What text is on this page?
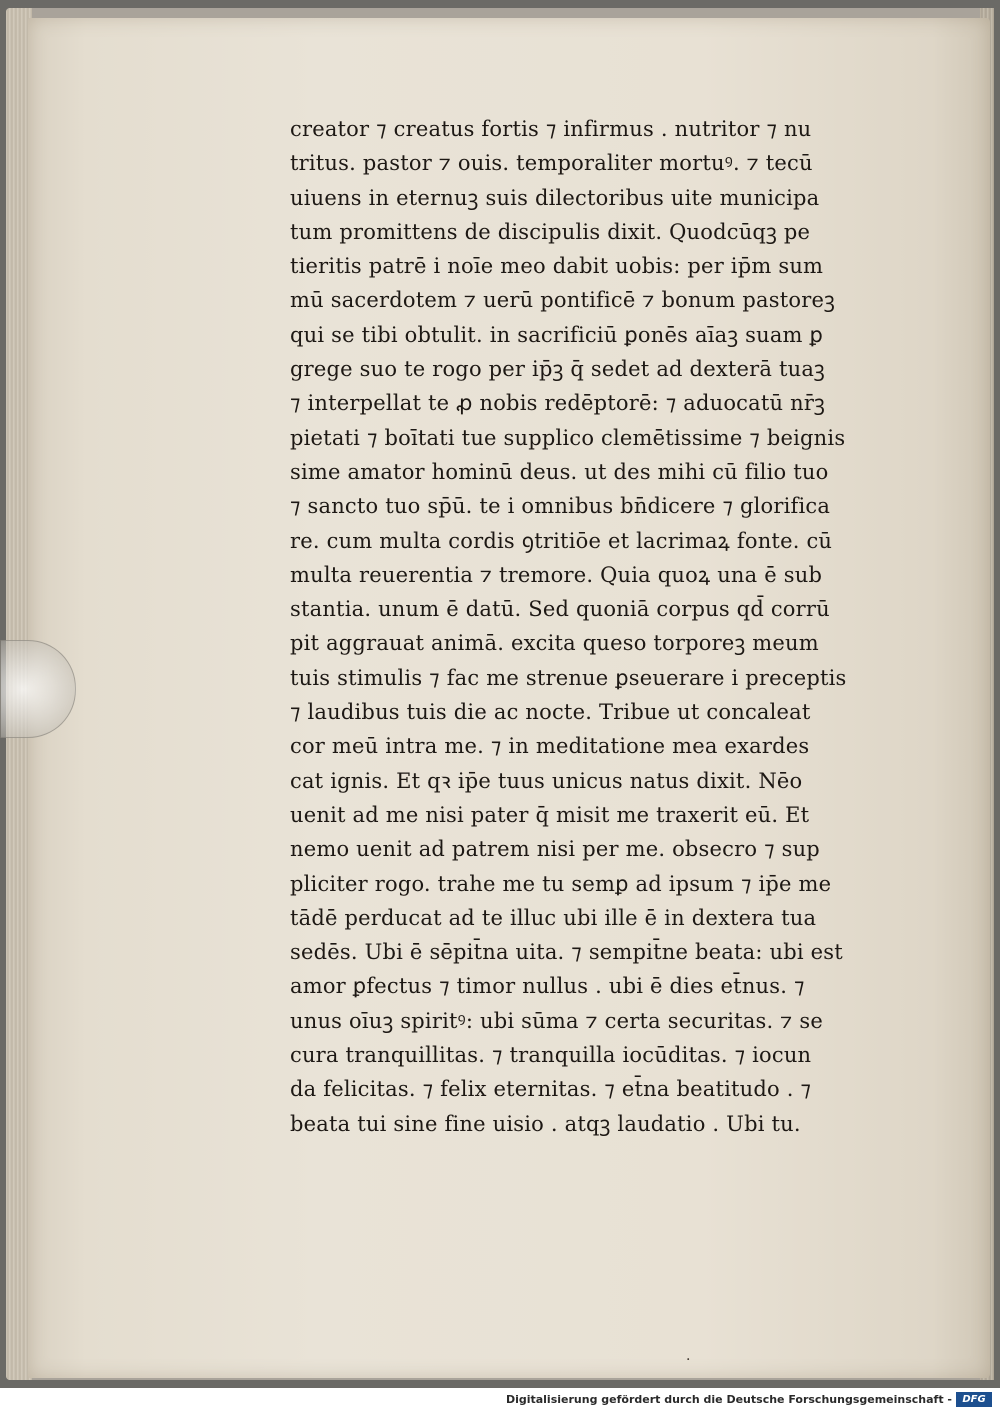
creator ⁊ creatus fortis ⁊ infirmus . nutritor ⁊ nu
tritus. pastor ⁊ ouis. temporaliter mortuꝰ. ⁊ tecū
uiuens in eternuꝫ suis dilectoribus uite municipa
tum promittens de discipulis dixit. Quodcūqꝫ pe
tieritis patrē i noīe meo dabit uobis: per ip̄m sum
mū sacerdotem ⁊ uerū pontificē ⁊ bonum pastoreꝫ
qui se tibi obtulit. in sacrificiū ꝑonēs aīaꝫ suam ꝑ
grege suo te rogo per ip̄ꝫ q̄ sedet ad dexterā tuaꝫ
⁊ interpellat te ꝓ nobis redēptorē: ⁊ aduocatū nr̄ꝫ
pietati ⁊ boītati tue supplico clemētissime ⁊ beignis
sime amator hominū deus. ut des mihi cū filio tuo
⁊ sancto tuo sp̄ū. te i omnibus bn̄dicere ⁊ glorifica
re. cum multa cordis ꝯtritiōe et lacrimaꝝ fonte. cū
multa reuerentia ⁊ tremore. Quia quoꝝ una ē sub
stantia. unum ē datū. Sed quoniā corpus qd̄ corrū
pit aggrauat animā. excita queso torporeꝫ meum
tuis stimulis ⁊ fac me strenue ꝑseuerare i preceptis
⁊ laudibus tuis die ac nocte. Tribue ut concaleat
cor meū intra me. ⁊ in meditatione mea exardes
cat ignis. Et qꝛ ip̄e tuus unicus natus dixit. Nēo
uenit ad me nisi pater q̄ misit me traxerit eū. Et
nemo uenit ad patrem nisi per me. obsecro ⁊ sup
pliciter rogo. trahe me tu semꝑ ad ipsum ⁊ ip̄e me
tādē perducat ad te illuc ubi ille ē in dextera tua
sedēs. Ubi ē sēpit̄na uita. ⁊ sempit̄ne beata: ubi est
amor ꝑfectus ⁊ timor nullus . ubi ē dies et̄nus. ⁊
unus oīuꝫ spiritꝰ: ubi sūma ⁊ certa securitas. ⁊ se
cura tranquillitas. ⁊ tranquilla iocūditas. ⁊ iocun
da felicitas. ⁊ felix eternitas. ⁊ et̄na beatitudo . ⁊
beata tui sine fine uisio . atqꝫ laudatio . Ubi tu.
·
Digitalisierung gefördert durch die Deutsche Forschungsgemeinschaft -	DFG
